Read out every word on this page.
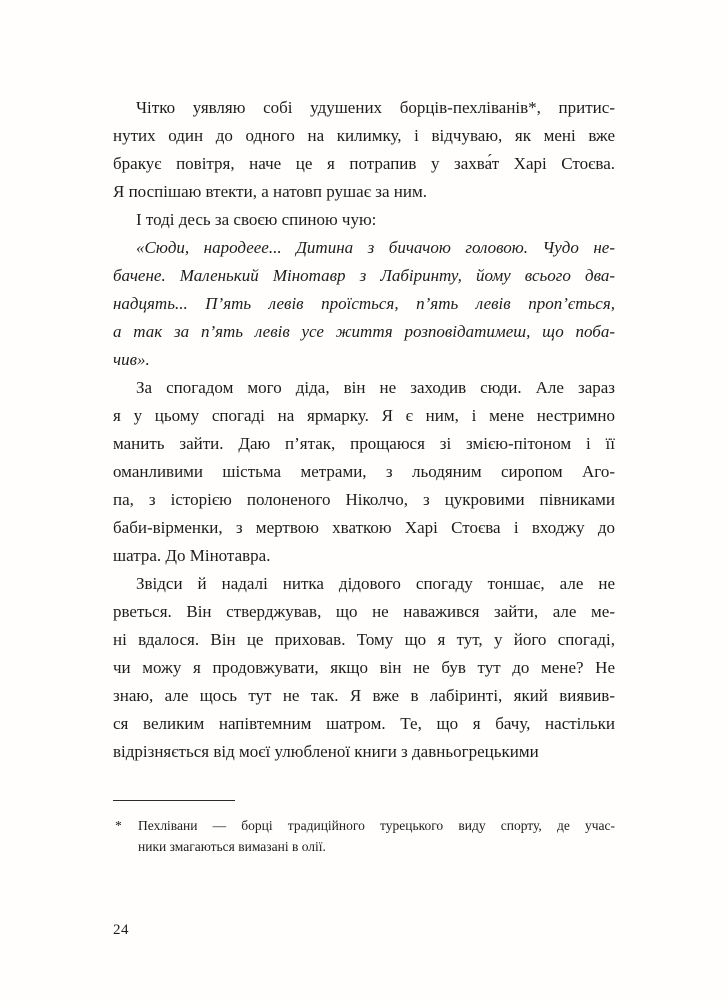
Чітко уявляю собі удушених борців-пехліванів*, притис-
нутих один до одного на килимку, і відчуваю, як мені вже
бракує повітря, наче це я потрапив у захва́т Харі Стоєва.
Я поспішаю втекти, а натовп рушає за ним.

І тоді десь за своєю спиною чую:

«Сюди, народеее... Дитина з бичачою головою. Чудо не-
бачене. Маленький Мінотавр з Лабіринту, йому всього два-
надцять... П’ять левів проїсться, п’ять левів проп’ється,
а так за п’ять левів усе життя розповідатимеш, що поба-
чив».

За спогадом мого діда, він не заходив сюди. Але зараз
я у цьому спогаді на ярмарку. Я є ним, і мене нестримно
манить зайти. Даю п’ятак, прощаюся зі змією-пітоном і її
оманливими шістьма метрами, з льодяним сиропом Аго-
па, з історією полоненого Ніколчо, з цукровими півниками
баби-вірменки, з мертвою хваткою Харі Стоєва і входжу до
шатра. До Мінотавра.

Звідси й надалі нитка дідового спогаду тоншає, але не
рветься. Він стверджував, що не наважився зайти, але ме-
ні вдалося. Він це приховав. Тому що я тут, у його спогаді,
чи можу я продовжувати, якщо він не був тут до мене? Не
знаю, але щось тут не так. Я вже в лабіринті, який виявив-
ся великим напівтемним шатром. Те, що я бачу, настільки
відрізняється від моєї улюбленої книги з давньогрецькими

* Пехлівани — борці традиційного турецького виду спорту, де учас-
ники змагаються вимазані в олії.
24
